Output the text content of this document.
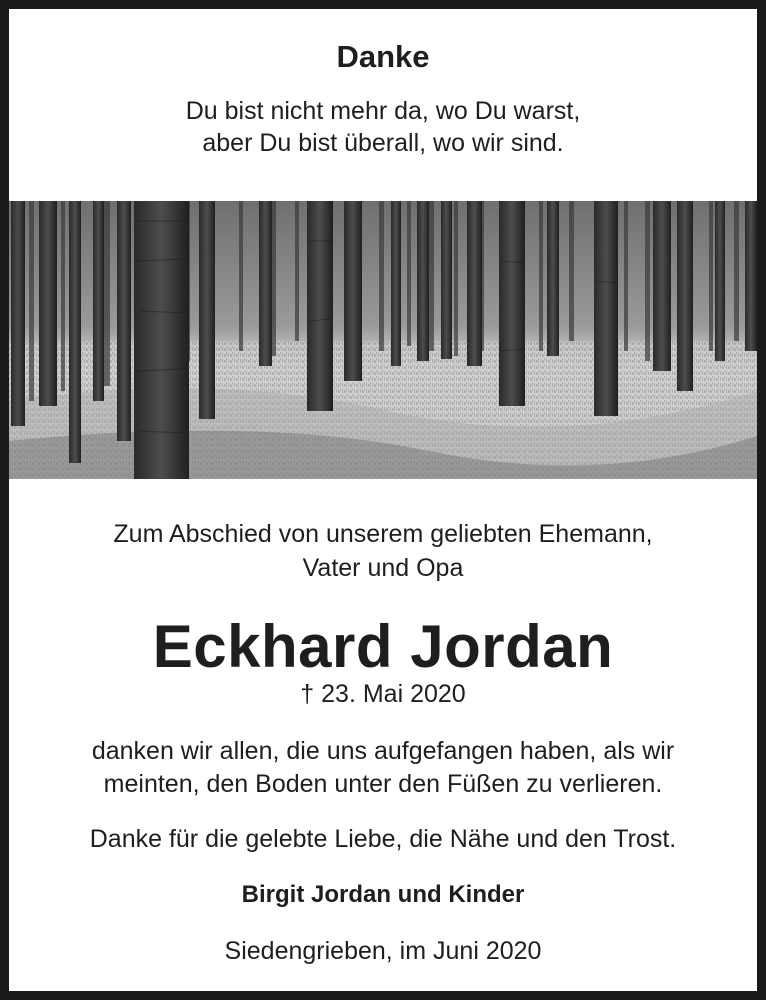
Danke
Du bist nicht mehr da, wo Du warst,
aber Du bist überall, wo wir sind.
Zum Abschied von unserem geliebten Ehemann,
Vater und Opa
Eckhard Jordan
† 23. Mai 2020
danken wir allen, die uns aufgefangen haben, als wir
meinten, den Boden unter den Füßen zu verlieren.
Danke für die gelebte Liebe, die Nähe und den Trost.
Birgit Jordan und Kinder
Siedengrieben, im Juni 2020
